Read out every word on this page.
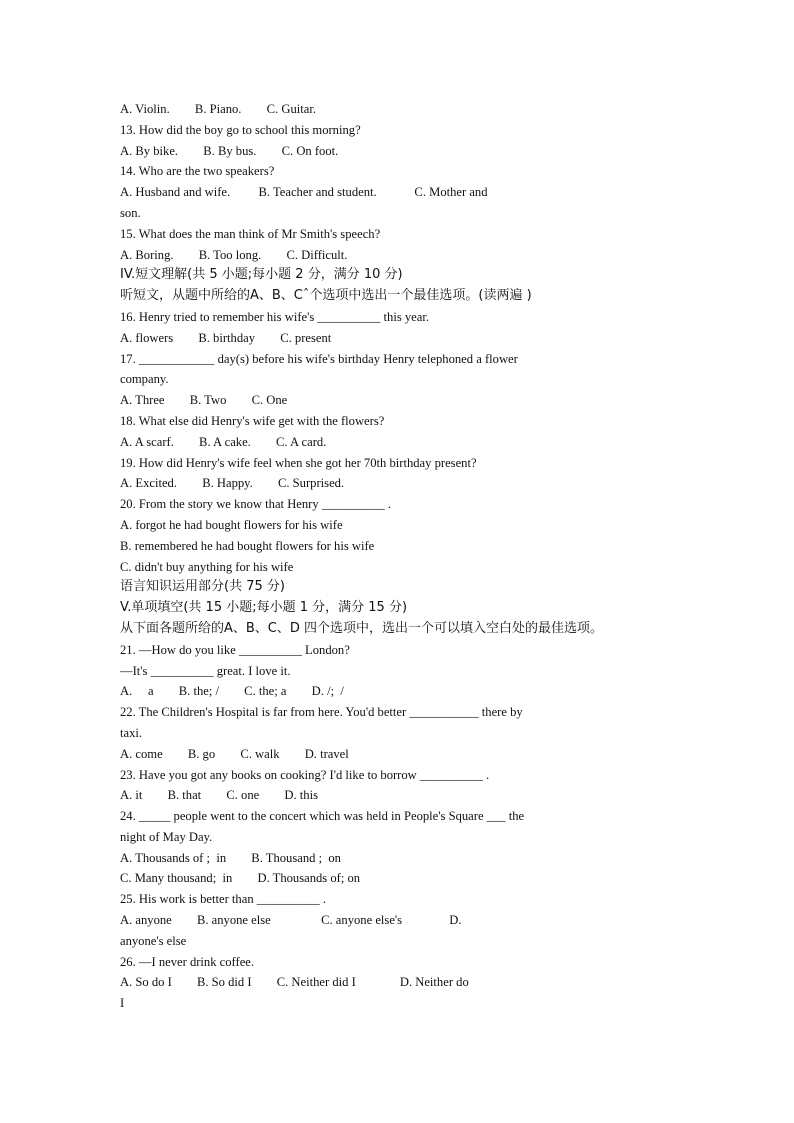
A. Violin.        B. Piano.        C. Guitar.
13. How did the boy go to school this morning?
A. By bike.        B. By bus.        C. On foot.
14. Who are the two speakers?
A. Husband and wife.         B. Teacher and student.            C. Mother and
son.
15. What does the man think of Mr Smith's speech?
A. Boring.        B. Too long.        C. Difficult.
IV.短文理解(共 5 小题;每小题 2 分，满分 10 分)
听短文，从题中所给的A、B、Cˆ个选项中选出一个最佳选项。(读两遍 )
16. Henry tried to remember his wife's __________ this year.
A. flowers        B. birthday        C. present
17. ____________ day(s) before his wife's birthday Henry telephoned a flower
company.
A. Three        B. Two        C. One
18. What else did Henry's wife get with the flowers?
A. A scarf.        B. A cake.        C. A card.
19. How did Henry's wife feel when she got her 70th birthday present?
A. Excited.        B. Happy.        C. Surprised.
20. From the story we know that Henry __________ .
A. forgot he had bought flowers for his wife
B. remembered he had bought flowers for his wife
C. didn't buy anything for his wife
语言知识运用部分(共 75 分)
V.单项填空(共 15 小题;每小题 1 分，满分 15 分)
从下面各题所给的A、B、C、D 四个选项中，选出一个可以填入空白处的最佳选项。
21. —How do you like __________ London?
—It's __________ great. I love it.
A.     a        B. the; /        C. the; a        D. /;  /
22. The Children's Hospital is far from here. You'd better ___________ there by
taxi.
A. come        B. go        C. walk        D. travel
23. Have you got any books on cooking? I'd like to borrow __________ .
A. it        B. that        C. one        D. this
24. _____ people went to the concert which was held in People's Square ___ the
night of May Day.
A. Thousands of ;  in        B. Thousand ;  on
C. Many thousand;  in        D. Thousands of; on
25. His work is better than __________ .
A. anyone        B. anyone else                C. anyone else's               D.
anyone's else
26. —I never drink coffee.
A. So do I        B. So did I        C. Neither did I              D. Neither do
I
